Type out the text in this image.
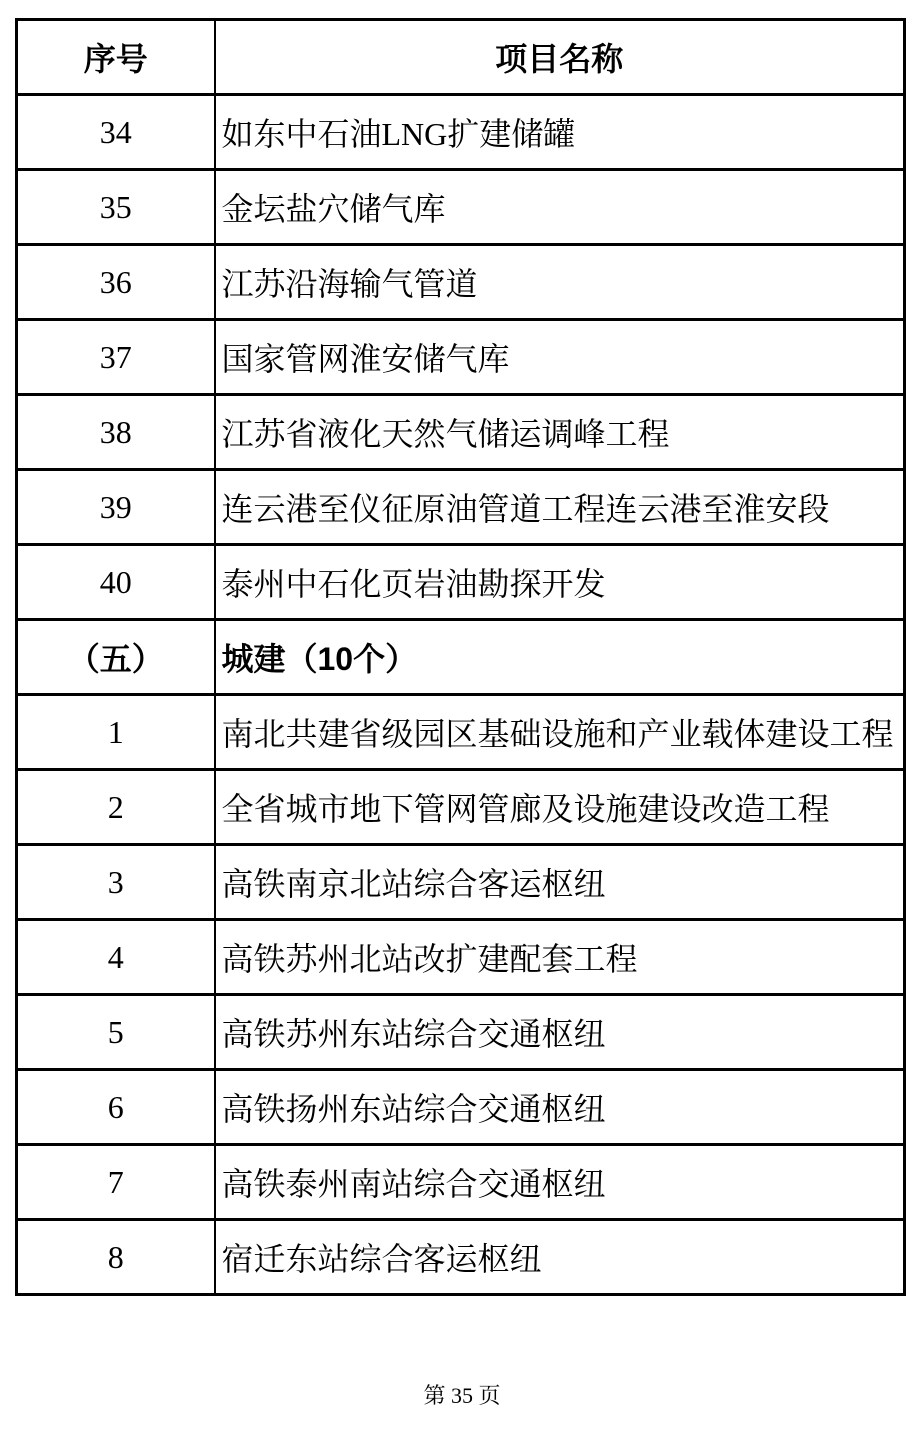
序号	项目名称
34	如东中石油LNG扩建储罐
35	金坛盐穴储气库
36	江苏沿海输气管道
37	国家管网淮安储气库
38	江苏省液化天然气储运调峰工程
39	连云港至仪征原油管道工程连云港至淮安段
40	泰州中石化页岩油勘探开发
（五）	城建（10个）
1	南北共建省级园区基础设施和产业载体建设工程
2	全省城市地下管网管廊及设施建设改造工程
3	高铁南京北站综合客运枢纽
4	高铁苏州北站改扩建配套工程
5	高铁苏州东站综合交通枢纽
6	高铁扬州东站综合交通枢纽
7	高铁泰州南站综合交通枢纽
8	宿迁东站综合客运枢纽
第 35 页
